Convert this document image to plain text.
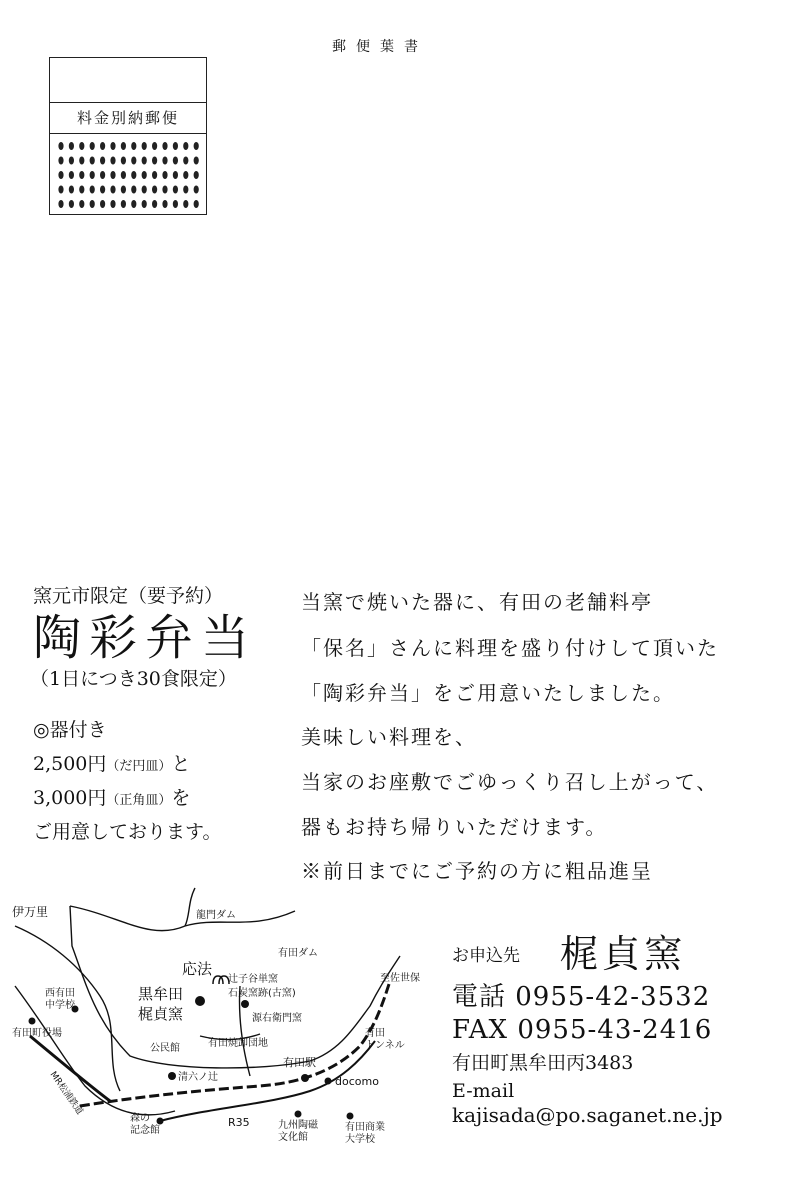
郵便葉書
料金別納郵便
窯元市限定（要予約）
陶彩弁当
（1日につき30食限定）
◎器付き
2,500円（だ円皿）と
3,000円（正角皿）を
ご用意しております。
当窯で焼いた器に、有田の老舗料亭
「保名」さんに料理を盛り付けして頂いた
「陶彩弁当」をご用意いたしました。
美味しい料理を、
当家のお座敷でごゆっくり召し上がって、
器もお持ち帰りいただけます。
※前日までにご予約の方に粗品進呈
伊万里	龍門ダム
有田ダム
応法
黒牟田
梶貞窯
辻子谷単窯
石炭窯跡(古窯)
源右衛門窯
西有田
中学校
有田町役場
公民館	有田焼卸団地
清六ノ辻
有田駅
docomo
有田
トンネル
至佐世保
R35
森の
記念館	九州陶磁
文化館
有田商業
大学校
MR松浦鉄道
お申込先 梶貞窯
電話 0955-42-3532
FAX 0955-43-2416
有田町黒牟田丙3483
E-mail
kajisada@po.saganet.ne.jp
